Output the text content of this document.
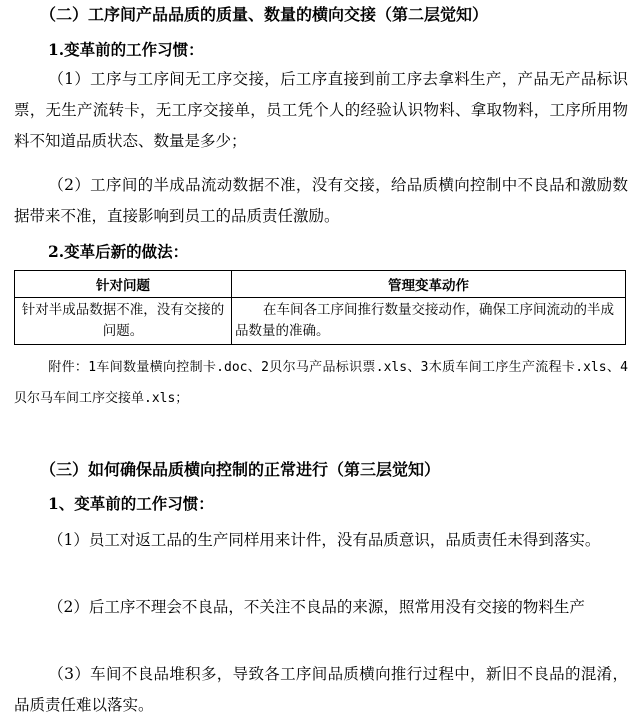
（二）工序间产品品质的质量、数量的横向交接（第二层觉知）
1.变革前的工作习惯：
（1）工序与工序间无工序交接，后工序直接到前工序去拿料生产，产品无产品标识票，无生产流转卡，无工序交接单，员工凭个人的经验认识物料、拿取物料，工序所用物料不知道品质状态、数量是多少；
（2）工序间的半成品流动数据不准，没有交接，给品质横向控制中不良品和激励数据带来不准，直接影响到员工的品质责任激励。
2.变革后新的做法：
针对问题	管理变革动作
针对半成品数据不准，没有交接的问题。	在车间各工序间推行数量交接动作，确保工序间流动的半成品数量的准确。
附件：1车间数量横向控制卡.doc、2贝尔马产品标识票.xls、3木质车间工序生产流程卡.xls、4贝尔马车间工序交接单.xls；
（三）如何确保品质横向控制的正常进行（第三层觉知）
1、变革前的工作习惯：
（1）员工对返工品的生产同样用来计件，没有品质意识，品质责任未得到落实。
（2）后工序不理会不良品，不关注不良品的来源，照常用没有交接的物料生产
（3）车间不良品堆积多，导致各工序间品质横向推行过程中，新旧不良品的混淆，品质责任难以落实。
